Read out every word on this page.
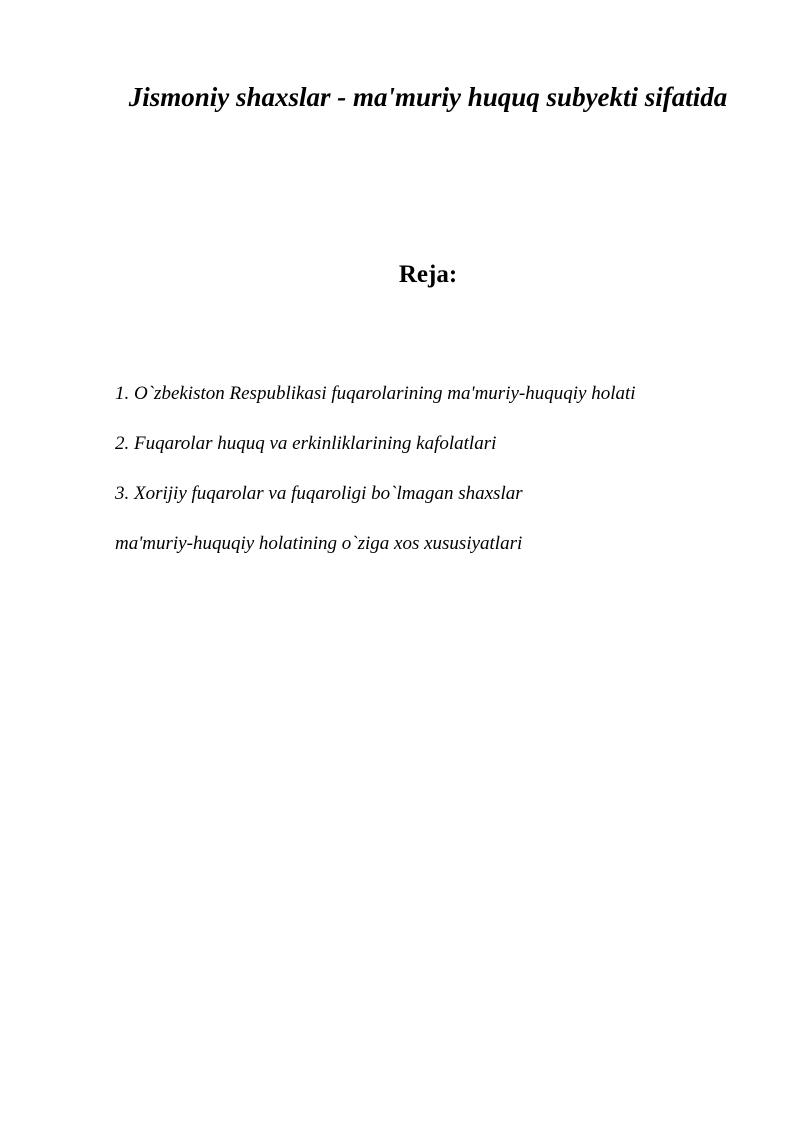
Jismoniy shaxslar - ma'muriy huquq subyekti sifatida
Reja:
1. O`zbekiston Respublikasi fuqarolarining ma'muriy-huquqiy holati
2. Fuqarolar huquq va erkinliklarining kafolatlari
3. Xorijiy fuqarolar va fuqaroligi bo`lmagan shaxslar
ma'muriy-huquqiy holatining o`ziga xos xususiyatlari
